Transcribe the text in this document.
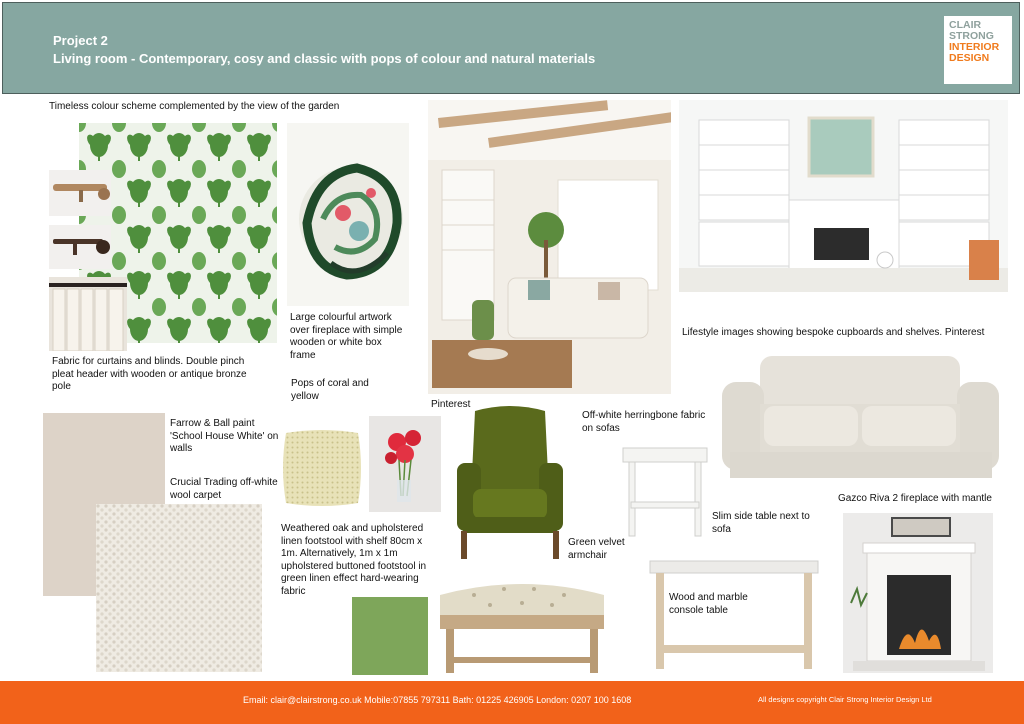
Project 2
Living room - Contemporary, cosy and classic with pops of colour and natural materials
CLAIR
STRONG
INTERIOR
DESIGN
Timeless colour scheme complemented by the view of the garden
Fabric for curtains and blinds. Double pinch pleat header with wooden or antique bronze pole
Large colourful artwork over fireplace with simple wooden or white box frame
Pops of coral and yellow
Pinterest
Lifestyle images showing bespoke cupboards and shelves. Pinterest
Off-white herringbone fabric on sofas
Farrow & Ball paint 'School House White' on walls
Crucial Trading off-white wool carpet
Green velvet armchair
Slim side table next to sofa
Weathered oak and upholstered linen footstool with shelf 80cm x 1m. Alternatively, 1m x 1m upholstered buttoned footstool in green linen effect hard-wearing fabric
Wood and marble console table
Gazco Riva 2 fireplace with mantle
Email: clair@clairstrong.co.uk Mobile:07855 797311 Bath: 01225 426905 London: 0207 100 1608	All designs copyright Clair Strong Interior Design Ltd
